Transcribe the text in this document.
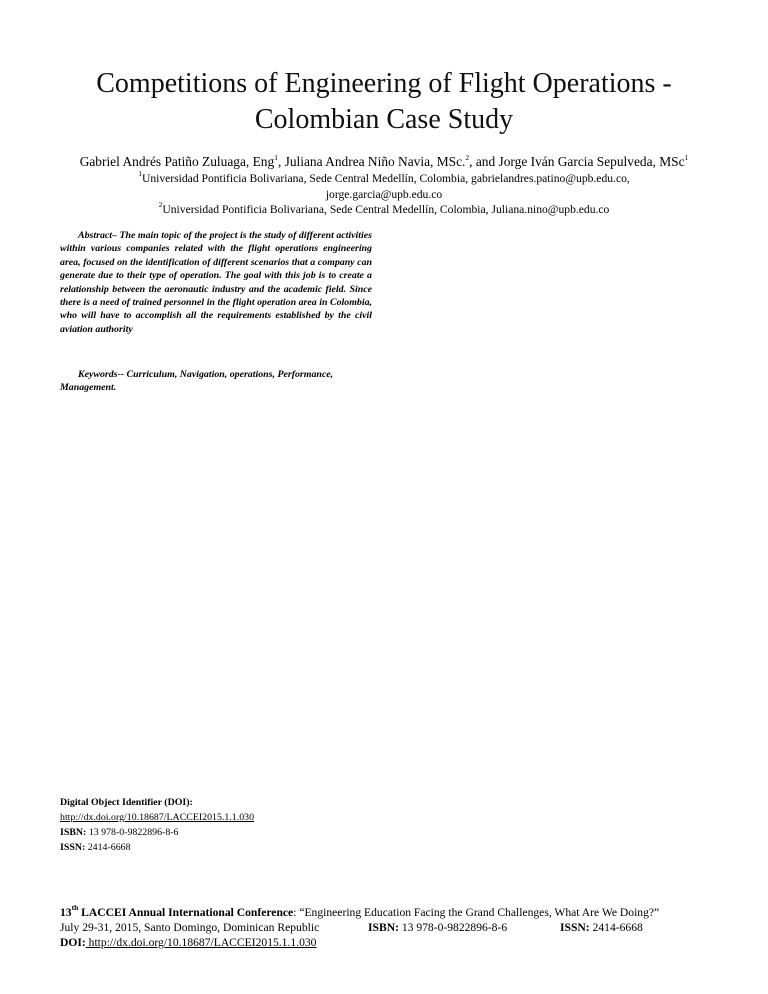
Competitions of Engineering of Flight Operations -
Colombian Case Study
Gabriel Andrés Patiño Zuluaga, Eng$^1$, Juliana Andrea Niño Navia, MSc.$^2$, and Jorge Iván Garcia Sepulveda, MSc$^1$
$^1$Universidad Pontificia Bolivariana, Sede Central Medellín, Colombia, gabrielandres.patino@upb.edu.co,
jorge.garcia@upb.edu.co
$^2$Universidad Pontificia Bolivariana, Sede Central Medellín, Colombia, Juliana.nino@upb.edu.co

Abstract– The main topic of the project is the study of different activities within various companies related with the flight operations engineering area, focused on the identification of different scenarios that a company can generate due to their type of operation. The goal with this job is to create a relationship between the aeronautic industry and the academic field. Since there is a need of trained personnel in the flight operation area in Colombia, who will have to accomplish all the requirements established by the civil aviation authority

Keywords-- Curriculum, Navigation, operations, Performance, Management.

Digital Object Identifier (DOI):
http://dx.doi.org/10.18687/LACCEI2015.1.1.030
ISBN: 13 978-0-9822896-8-6
ISSN: 2414-6668
13th LACCEI Annual International Conference: “Engineering Education Facing the Grand Challenges, What Are We Doing?”
July 29-31, 2015, Santo Domingo, Dominican Republic	ISBN: 13 978-0-9822896-8-6	ISSN: 2414-6668
DOI: http://dx.doi.org/10.18687/LACCEI2015.1.1.030
